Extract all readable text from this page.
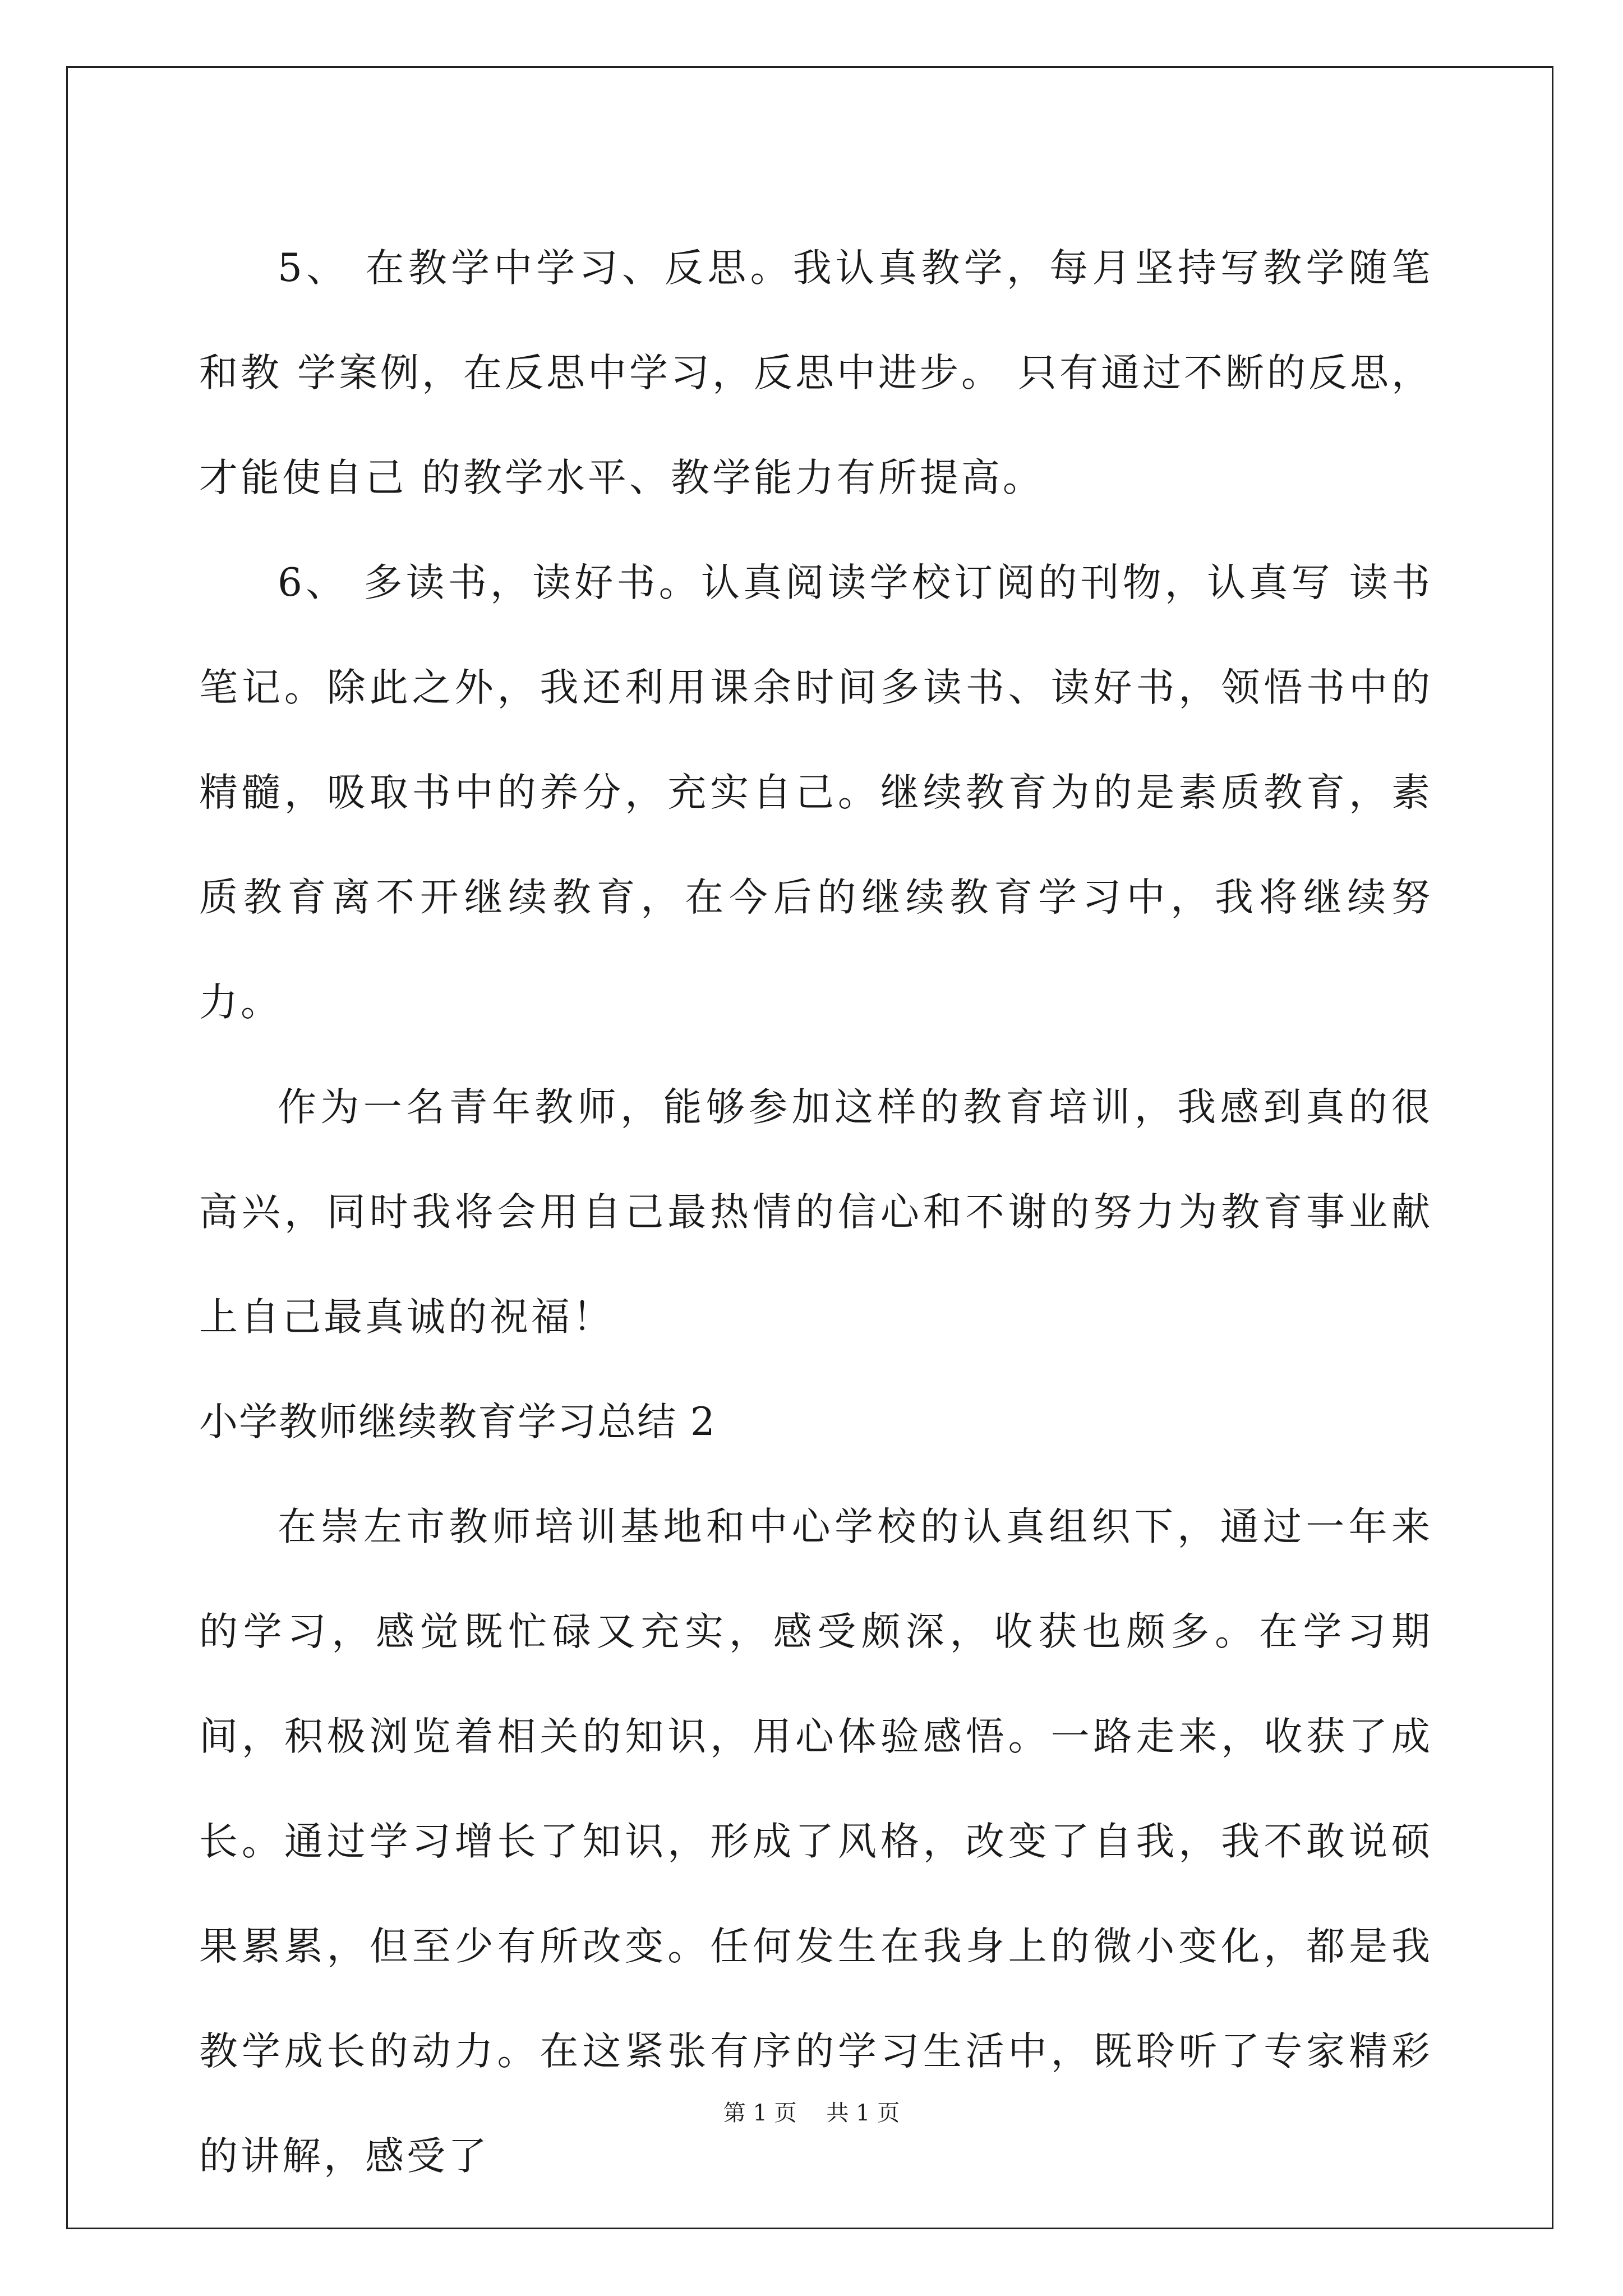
5、 在教学中学习、反思。我认真教学，每月坚持写教学随笔和教 学案例，在反思中学习，反思中进步。 只有通过不断的反思，才能使自己 的教学水平、教学能力有所提高。

6、 多读书，读好书。认真阅读学校订阅的刊物，认真写 读书笔记。除此之外，我还利用课余时间多读书、读好书，领悟书中的精髓，吸取书中的养分，充实自己。继续教育为的是素质教育，素质教育离不开继续教育，在今后的继续教育学习中，我将继续努力。

作为一名青年教师，能够参加这样的教育培训，我感到真的很高兴，同时我将会用自己最热情的信心和不谢的努力为教育事业献上自己最真诚的祝福！

小学教师继续教育学习总结 2

在崇左市教师培训基地和中心学校的认真组织下，通过一年来的学习，感觉既忙碌又充实，感受颇深，收获也颇多。在学习期间，积极浏览着相关的知识，用心体验感悟。一路走来，收获了成长。通过学习增长了知识，形成了风格，改变了自我，我不敢说硕果累累，但至少有所改变。任何发生在我身上的微小变化，都是我教学成长的动力。在这紧张有序的学习生活中，既聆听了专家精彩的讲解，感受了

第 1 页　 共 1 页
